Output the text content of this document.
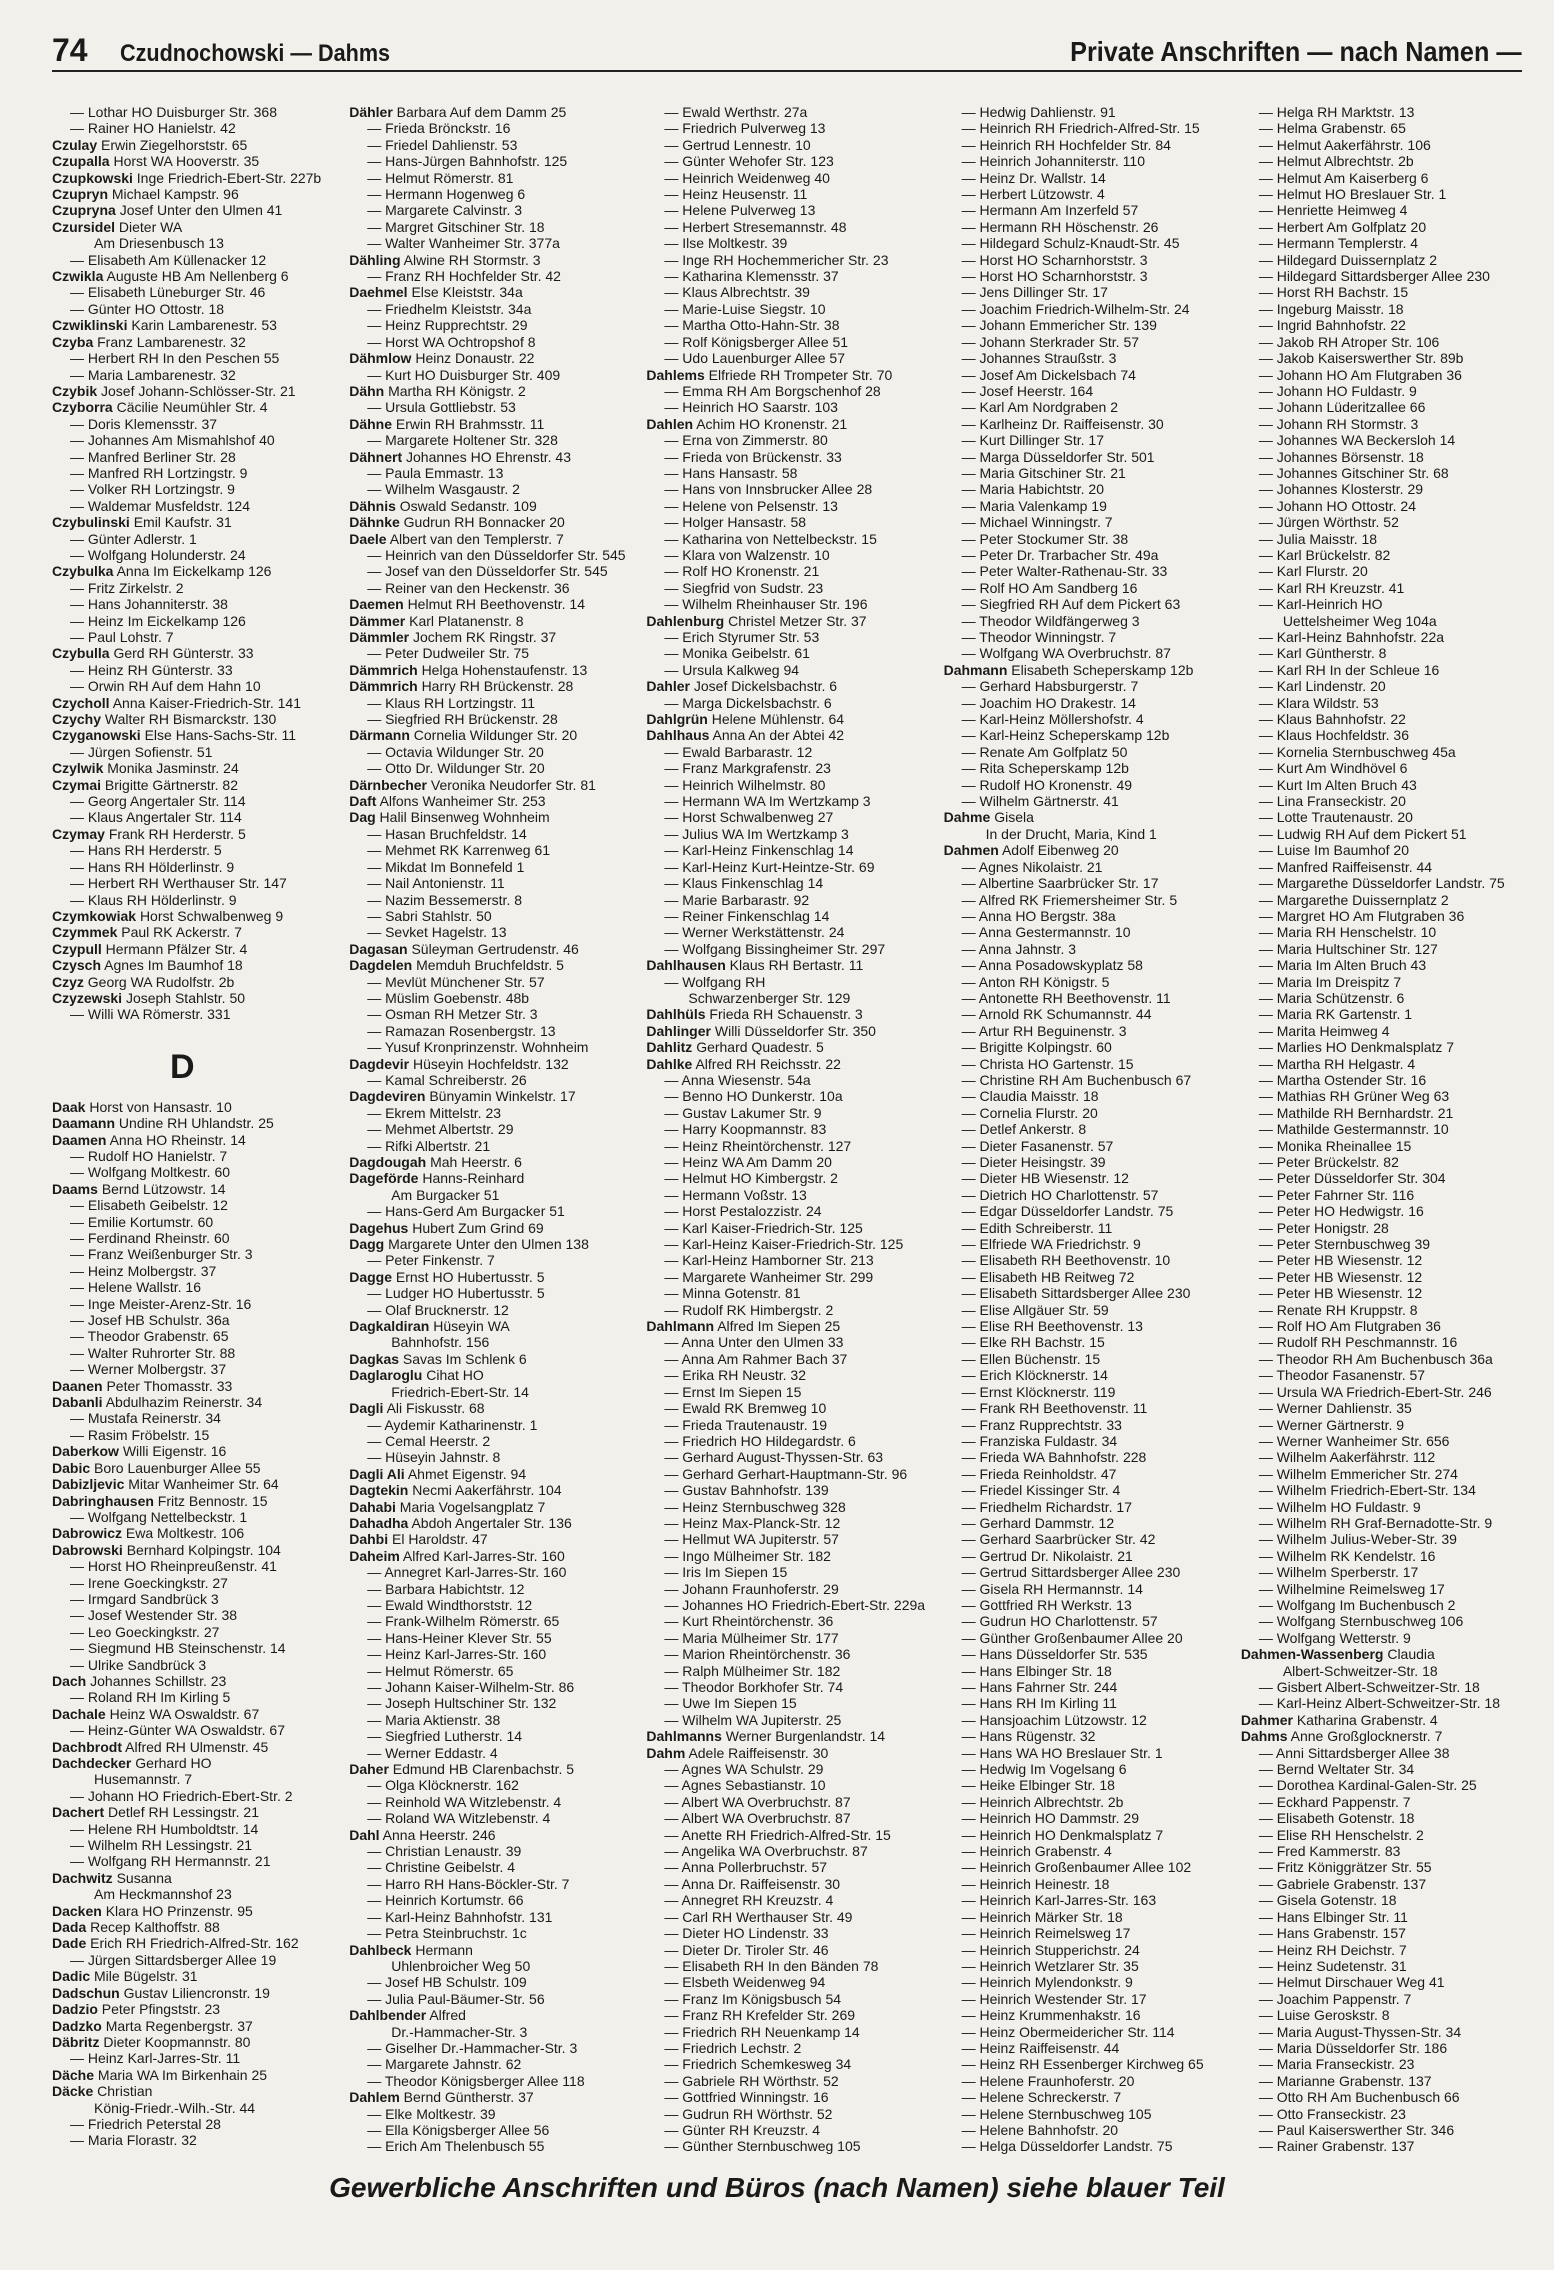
74 Czudnochowski — Dahms	Private Anschriften — nach Namen —
— Lothar HO Duisburger Str. 368
— Rainer HO Hanielstr. 42
Czulay Erwin Ziegelhorststr. 65
Czupalla Horst WA Hooverstr. 35
Czupkowski Inge Friedrich-Ebert-Str. 227b
Czupryn Michael Kampstr. 96
Czupryna Josef Unter den Ulmen 41
Czursidel Dieter WA
Am Driesenbusch 13
— Elisabeth Am Küllenacker 12
Czwikla Auguste HB Am Nellenberg 6
— Elisabeth Lüneburger Str. 46
— Günter HO Ottostr. 18
Czwiklinski Karin Lambarenestr. 53
Czyba Franz Lambarenestr. 32
— Herbert RH In den Peschen 55
— Maria Lambarenestr. 32
Czybik Josef Johann-Schlösser-Str. 21
Czyborra Cäcilie Neumühler Str. 4
— Doris Klemensstr. 37
— Johannes Am Mismahlshof 40
— Manfred Berliner Str. 28
— Manfred RH Lortzingstr. 9
— Volker RH Lortzingstr. 9
— Waldemar Musfeldstr. 124
Czybulinski Emil Kaufstr. 31
— Günter Adlerstr. 1
— Wolfgang Holunderstr. 24
Czybulka Anna Im Eickelkamp 126
— Fritz Zirkelstr. 2
— Hans Johanniterstr. 38
— Heinz Im Eickelkamp 126
— Paul Lohstr. 7
Czybulla Gerd RH Günterstr. 33
— Heinz RH Günterstr. 33
— Orwin RH Auf dem Hahn 10
Czycholl Anna Kaiser-Friedrich-Str. 141
Czychy Walter RH Bismarckstr. 130
Czyganowski Else Hans-Sachs-Str. 11
— Jürgen Sofienstr. 51
Czylwik Monika Jasminstr. 24
Czymai Brigitte Gärtnerstr. 82
— Georg Angertaler Str. 114
— Klaus Angertaler Str. 114
Czymay Frank RH Herderstr. 5
— Hans RH Herderstr. 5
— Hans RH Hölderlinstr. 9
— Herbert RH Werthauser Str. 147
— Klaus RH Hölderlinstr. 9
Czymkowiak Horst Schwalbenweg 9
Czymmek Paul RK Ackerstr. 7
Czypull Hermann Pfälzer Str. 4
Czysch Agnes Im Baumhof 18
Czyz Georg WA Rudolfstr. 2b
Czyzewski Joseph Stahlstr. 50
— Willi WA Römerstr. 331
D
Daak Horst von Hansastr. 10
Daamann Undine RH Uhlandstr. 25
Daamen Anna HO Rheinstr. 14
— Rudolf HO Hanielstr. 7
— Wolfgang Moltkestr. 60
Daams Bernd Lützowstr. 14
— Elisabeth Geibelstr. 12
— Emilie Kortumstr. 60
— Ferdinand Rheinstr. 60
— Franz Weißenburger Str. 3
— Heinz Molbergstr. 37
— Helene Wallstr. 16
— Inge Meister-Arenz-Str. 16
— Josef HB Schulstr. 36a
— Theodor Grabenstr. 65
— Walter Ruhrorter Str. 88
— Werner Molbergstr. 37
Daanen Peter Thomasstr. 33
Dabanli Abdulhazim Reinerstr. 34
— Mustafa Reinerstr. 34
— Rasim Fröbelstr. 15
Daberkow Willi Eigenstr. 16
Dabic Boro Lauenburger Allee 55
Dabizljevic Mitar Wanheimer Str. 64
Dabringhausen Fritz Bennostr. 15
— Wolfgang Nettelbeckstr. 1
Dabrowicz Ewa Moltkestr. 106
Dabrowski Bernhard Kolpingstr. 104
— Horst HO Rheinpreußenstr. 41
— Irene Goeckingkstr. 27
— Irmgard Sandbrück 3
— Josef Westender Str. 38
— Leo Goeckingkstr. 27
— Siegmund HB Steinschenstr. 14
— Ulrike Sandbrück 3
Dach Johannes Schillstr. 23
— Roland RH Im Kirling 5
Dachale Heinz WA Oswaldstr. 67
— Heinz-Günter WA Oswaldstr. 67
Dachbrodt Alfred RH Ulmenstr. 45
Dachdecker Gerhard HO
Husemannstr. 7
— Johann HO Friedrich-Ebert-Str. 2
Dachert Detlef RH Lessingstr. 21
— Helene RH Humboldtstr. 14
— Wilhelm RH Lessingstr. 21
— Wolfgang RH Hermannstr. 21
Dachwitz Susanna
Am Heckmannshof 23
Dacken Klara HO Prinzenstr. 95
Dada Recep Kalthoffstr. 88
Dade Erich RH Friedrich-Alfred-Str. 162
— Jürgen Sittardsberger Allee 19
Dadic Mile Bügelstr. 31
Dadschun Gustav Liliencronstr. 19
Dadzio Peter Pfingststr. 23
Dadzko Marta Regenbergstr. 37
Däbritz Dieter Koopmannstr. 80
— Heinz Karl-Jarres-Str. 11
Däche Maria WA Im Birkenhain 25
Däcke Christian
König-Friedr.-Wilh.-Str. 44
— Friedrich Peterstal 28
— Maria Florastr. 32
Dähler Barbara Auf dem Damm 25
— Frieda Brönckstr. 16
— Friedel Dahlienstr. 53
— Hans-Jürgen Bahnhofstr. 125
— Helmut Römerstr. 81
— Hermann Hogenweg 6
— Margarete Calvinstr. 3
— Margret Gitschiner Str. 18
— Walter Wanheimer Str. 377a
Dähling Alwine RH Stormstr. 3
— Franz RH Hochfelder Str. 42
Daehmel Else Kleiststr. 34a
— Friedhelm Kleiststr. 34a
— Heinz Rupprechtstr. 29
— Horst WA Ochtropshof 8
Dähmlow Heinz Donaustr. 22
— Kurt HO Duisburger Str. 409
Dähn Martha RH Königstr. 2
— Ursula Gottliebstr. 53
Dähne Erwin RH Brahmsstr. 11
— Margarete Holtener Str. 328
Dähnert Johannes HO Ehrenstr. 43
— Paula Emmastr. 13
— Wilhelm Wasgaustr. 2
Dähnis Oswald Sedanstr. 109
Dähnke Gudrun RH Bonnacker 20
Daele Albert van den Templerstr. 7
— Heinrich van den Düsseldorfer Str. 545
— Josef van den Düsseldorfer Str. 545
— Reiner van den Heckenstr. 36
Daemen Helmut RH Beethovenstr. 14
Dämmer Karl Platanenstr. 8
Dämmler Jochem RK Ringstr. 37
— Peter Dudweiler Str. 75
Dämmrich Helga Hohenstaufenstr. 13
Dämmrich Harry RH Brückenstr. 28
— Klaus RH Lortzingstr. 11
— Siegfried RH Brückenstr. 28
Därmann Cornelia Wildunger Str. 20
— Octavia Wildunger Str. 20
— Otto Dr. Wildunger Str. 20
Därnbecher Veronika Neudorfer Str. 81
Daft Alfons Wanheimer Str. 253
Dag Halil Binsenweg Wohnheim
— Hasan Bruchfeldstr. 14
— Mehmet RK Karrenweg 61
— Mikdat Im Bonnefeld 1
— Nail Antonienstr. 11
— Nazim Bessemerstr. 8
— Sabri Stahlstr. 50
— Sevket Hagelstr. 13
Dagasan Süleyman Gertrudenstr. 46
Dagdelen Memduh Bruchfeldstr. 5
— Mevlüt Münchener Str. 57
— Müslim Goebenstr. 48b
— Osman RH Metzer Str. 3
— Ramazan Rosenbergstr. 13
— Yusuf Kronprinzenstr. Wohnheim
Dagdevir Hüseyin Hochfeldstr. 132
— Kamal Schreiberstr. 26
Dagdeviren Bünyamin Winkelstr. 17
— Ekrem Mittelstr. 23
— Mehmet Albertstr. 29
— Rifki Albertstr. 21
Dagdougah Mah Heerstr. 6
Dageförde Hanns-Reinhard
Am Burgacker 51
— Hans-Gerd Am Burgacker 51
Dagehus Hubert Zum Grind 69
Dagg Margarete Unter den Ulmen 138
— Peter Finkenstr. 7
Dagge Ernst HO Hubertusstr. 5
— Ludger HO Hubertusstr. 5
— Olaf Brucknerstr. 12
Dagkaldiran Hüseyin WA
Bahnhofstr. 156
Dagkas Savas Im Schlenk 6
Daglaroglu Cihat HO
Friedrich-Ebert-Str. 14
Dagli Ali Fiskusstr. 68
— Aydemir Katharinenstr. 1
— Cemal Heerstr. 2
— Hüseyin Jahnstr. 8
Dagli Ali Ahmet Eigenstr. 94
Dagtekin Necmi Aakerfährstr. 104
Dahabi Maria Vogelsangplatz 7
Dahadha Abdoh Angertaler Str. 136
Dahbi El Haroldstr. 47
Daheim Alfred Karl-Jarres-Str. 160
— Annegret Karl-Jarres-Str. 160
— Barbara Habichtstr. 12
— Ewald Windthorststr. 12
— Frank-Wilhelm Römerstr. 65
— Hans-Heiner Klever Str. 55
— Heinz Karl-Jarres-Str. 160
— Helmut Römerstr. 65
— Johann Kaiser-Wilhelm-Str. 86
— Joseph Hultschiner Str. 132
— Maria Aktienstr. 38
— Siegfried Lutherstr. 14
— Werner Eddastr. 4
Daher Edmund HB Clarenbachstr. 5
— Olga Klöcknerstr. 162
— Reinhold WA Witzlebenstr. 4
— Roland WA Witzlebenstr. 4
Dahl Anna Heerstr. 246
— Christian Lenaustr. 39
— Christine Geibelstr. 4
— Harro RH Hans-Böckler-Str. 7
— Heinrich Kortumstr. 66
— Karl-Heinz Bahnhofstr. 131
— Petra Steinbruchstr. 1c
Dahlbeck Hermann
Uhlenbroicher Weg 50
— Josef HB Schulstr. 109
— Julia Paul-Bäumer-Str. 56
Dahlbender Alfred
Dr.-Hammacher-Str. 3
— Giselher Dr.-Hammacher-Str. 3
— Margarete Jahnstr. 62
— Theodor Königsberger Allee 118
Dahlem Bernd Güntherstr. 37
— Elke Moltkestr. 39
— Ella Königsberger Allee 56
— Erich Am Thelenbusch 55
— Ewald Werthstr. 27a
— Friedrich Pulverweg 13
— Gertrud Lennestr. 10
— Günter Wehofer Str. 123
— Heinrich Weidenweg 40
— Heinz Heusenstr. 11
— Helene Pulverweg 13
— Herbert Stresemannstr. 48
— Ilse Moltkestr. 39
— Inge RH Hochemmericher Str. 23
— Katharina Klemensstr. 37
— Klaus Albrechtstr. 39
— Marie-Luise Siegstr. 10
— Martha Otto-Hahn-Str. 38
— Rolf Königsberger Allee 51
— Udo Lauenburger Allee 57
Dahlems Elfriede RH Trompeter Str. 70
— Emma RH Am Borgschenhof 28
— Heinrich HO Saarstr. 103
Dahlen Achim HO Kronenstr. 21
— Erna von Zimmerstr. 80
— Frieda von Brückenstr. 33
— Hans Hansastr. 58
— Hans von Innsbrucker Allee 28
— Helene von Pelsenstr. 13
— Holger Hansastr. 58
— Katharina von Nettelbeckstr. 15
— Klara von Walzenstr. 10
— Rolf HO Kronenstr. 21
— Siegfrid von Sudstr. 23
— Wilhelm Rheinhauser Str. 196
Dahlenburg Christel Metzer Str. 37
— Erich Styrumer Str. 53
— Monika Geibelstr. 61
— Ursula Kalkweg 94
Dahler Josef Dickelsbachstr. 6
— Marga Dickelsbachstr. 6
Dahlgrün Helene Mühlenstr. 64
Dahlhaus Anna An der Abtei 42
— Ewald Barbarastr. 12
— Franz Markgrafenstr. 23
— Heinrich Wilhelmstr. 80
— Hermann WA Im Wertzkamp 3
— Horst Schwalbenweg 27
— Julius WA Im Wertzkamp 3
— Karl-Heinz Finkenschlag 14
— Karl-Heinz Kurt-Heintze-Str. 69
— Klaus Finkenschlag 14
— Marie Barbarastr. 92
— Reiner Finkenschlag 14
— Werner Werkstättenstr. 24
— Wolfgang Bissingheimer Str. 297
Dahlhausen Klaus RH Bertastr. 11
— Wolfgang RH
Schwarzenberger Str. 129
Dahlhüls Frieda RH Schauenstr. 3
Dahlinger Willi Düsseldorfer Str. 350
Dahlitz Gerhard Quadestr. 5
Dahlke Alfred RH Reichsstr. 22
— Anna Wiesenstr. 54a
— Benno HO Dunkerstr. 10a
— Gustav Lakumer Str. 9
— Harry Koopmannstr. 83
— Heinz Rheintörchenstr. 127
— Heinz WA Am Damm 20
— Helmut HO Kimbergstr. 2
— Hermann Voßstr. 13
— Horst Pestalozzistr. 24
— Karl Kaiser-Friedrich-Str. 125
— Karl-Heinz Kaiser-Friedrich-Str. 125
— Karl-Heinz Hamborner Str. 213
— Margarete Wanheimer Str. 299
— Minna Gotenstr. 81
— Rudolf RK Himbergstr. 2
Dahlmann Alfred Im Siepen 25
— Anna Unter den Ulmen 33
— Anna Am Rahmer Bach 37
— Erika RH Neustr. 32
— Ernst Im Siepen 15
— Ewald RK Bremweg 10
— Frieda Trautenaustr. 19
— Friedrich HO Hildegardstr. 6
— Gerhard August-Thyssen-Str. 63
— Gerhard Gerhart-Hauptmann-Str. 96
— Gustav Bahnhofstr. 139
— Heinz Sternbuschweg 328
— Heinz Max-Planck-Str. 12
— Hellmut WA Jupiterstr. 57
— Ingo Mülheimer Str. 182
— Iris Im Siepen 15
— Johann Fraunhoferstr. 29
— Johannes HO Friedrich-Ebert-Str. 229a
— Kurt Rheintörchenstr. 36
— Maria Mülheimer Str. 177
— Marion Rheintörchenstr. 36
— Ralph Mülheimer Str. 182
— Theodor Borkhofer Str. 74
— Uwe Im Siepen 15
— Wilhelm WA Jupiterstr. 25
Dahlmanns Werner Burgenlandstr. 14
Dahm Adele Raiffeisenstr. 30
— Agnes WA Schulstr. 29
— Agnes Sebastianstr. 10
— Albert WA Overbruchstr. 87
— Albert WA Overbruchstr. 87
— Anette RH Friedrich-Alfred-Str. 15
— Angelika WA Overbruchstr. 87
— Anna Pollerbruchstr. 57
— Anna Dr. Raiffeisenstr. 30
— Annegret RH Kreuzstr. 4
— Carl RH Werthauser Str. 49
— Dieter HO Lindenstr. 33
— Dieter Dr. Tiroler Str. 46
— Elisabeth RH In den Bänden 78
— Elsbeth Weidenweg 94
— Franz Im Königsbusch 54
— Franz RH Krefelder Str. 269
— Friedrich RH Neuenkamp 14
— Friedrich Lechstr. 2
— Friedrich Schemkesweg 34
— Gabriele RH Wörthstr. 52
— Gottfried Winningstr. 16
— Gudrun RH Wörthstr. 52
— Günter RH Kreuzstr. 4
— Günther Sternbuschweg 105
— Hedwig Dahlienstr. 91
— Heinrich RH Friedrich-Alfred-Str. 15
— Heinrich RH Hochfelder Str. 84
— Heinrich Johanniterstr. 110
— Heinz Dr. Wallstr. 14
— Herbert Lützowstr. 4
— Hermann Am Inzerfeld 57
— Hermann RH Höschenstr. 26
— Hildegard Schulz-Knaudt-Str. 45
— Horst HO Scharnhorststr. 3
— Horst HO Scharnhorststr. 3
— Jens Dillinger Str. 17
— Joachim Friedrich-Wilhelm-Str. 24
— Johann Emmericher Str. 139
— Johann Sterkrader Str. 57
— Johannes Straußstr. 3
— Josef Am Dickelsbach 74
— Josef Heerstr. 164
— Karl Am Nordgraben 2
— Karlheinz Dr. Raiffeisenstr. 30
— Kurt Dillinger Str. 17
— Marga Düsseldorfer Str. 501
— Maria Gitschiner Str. 21
— Maria Habichtstr. 20
— Maria Valenkamp 19
— Michael Winningstr. 7
— Peter Stockumer Str. 38
— Peter Dr. Trarbacher Str. 49a
— Peter Walter-Rathenau-Str. 33
— Rolf HO Am Sandberg 16
— Siegfried RH Auf dem Pickert 63
— Theodor Wildfängerweg 3
— Theodor Winningstr. 7
— Wolfgang WA Overbruchstr. 87
Dahmann Elisabeth Scheperskamp 12b
— Gerhard Habsburgerstr. 7
— Joachim HO Drakestr. 14
— Karl-Heinz Möllershofstr. 4
— Karl-Heinz Scheperskamp 12b
— Renate Am Golfplatz 50
— Rita Scheperskamp 12b
— Rudolf HO Kronenstr. 49
— Wilhelm Gärtnerstr. 41
Dahme Gisela
In der Drucht, Maria, Kind 1
Dahmen Adolf Eibenweg 20
— Agnes Nikolaistr. 21
— Albertine Saarbrücker Str. 17
— Alfred RK Friemersheimer Str. 5
— Anna HO Bergstr. 38a
— Anna Gestermannstr. 10
— Anna Jahnstr. 3
— Anna Posadowskyplatz 58
— Anton RH Königstr. 5
— Antonette RH Beethovenstr. 11
— Arnold RK Schumannstr. 44
— Artur RH Beguinenstr. 3
— Brigitte Kolpingstr. 60
— Christa HO Gartenstr. 15
— Christine RH Am Buchenbusch 67
— Claudia Maisstr. 18
— Cornelia Flurstr. 20
— Detlef Ankerstr. 8
— Dieter Fasanenstr. 57
— Dieter Heisingstr. 39
— Dieter HB Wiesenstr. 12
— Dietrich HO Charlottenstr. 57
— Edgar Düsseldorfer Landstr. 75
— Edith Schreiberstr. 11
— Elfriede WA Friedrichstr. 9
— Elisabeth RH Beethovenstr. 10
— Elisabeth HB Reitweg 72
— Elisabeth Sittardsberger Allee 230
— Elise Allgäuer Str. 59
— Elise RH Beethovenstr. 13
— Elke RH Bachstr. 15
— Ellen Büchenstr. 15
— Erich Klöcknerstr. 14
— Ernst Klöcknerstr. 119
— Frank RH Beethovenstr. 11
— Franz Rupprechtstr. 33
— Franziska Fuldastr. 34
— Frieda WA Bahnhofstr. 228
— Frieda Reinholdstr. 47
— Friedel Kissinger Str. 4
— Friedhelm Richardstr. 17
— Gerhard Dammstr. 12
— Gerhard Saarbrücker Str. 42
— Gertrud Dr. Nikolaistr. 21
— Gertrud Sittardsberger Allee 230
— Gisela RH Hermannstr. 14
— Gottfried RH Werkstr. 13
— Gudrun HO Charlottenstr. 57
— Günther Großenbaumer Allee 20
— Hans Düsseldorfer Str. 535
— Hans Elbinger Str. 18
— Hans Fahrner Str. 244
— Hans RH Im Kirling 11
— Hansjoachim Lützowstr. 12
— Hans Rügenstr. 32
— Hans WA HO Breslauer Str. 1
— Hedwig Im Vogelsang 6
— Heike Elbinger Str. 18
— Heinrich Albrechtstr. 2b
— Heinrich HO Dammstr. 29
— Heinrich HO Denkmalsplatz 7
— Heinrich Grabenstr. 4
— Heinrich Großenbaumer Allee 102
— Heinrich Heinestr. 18
— Heinrich Karl-Jarres-Str. 163
— Heinrich Märker Str. 18
— Heinrich Reimelsweg 17
— Heinrich Stupperichstr. 24
— Heinrich Wetzlarer Str. 35
— Heinrich Mylendonkstr. 9
— Heinrich Westender Str. 17
— Heinz Krummenhakstr. 16
— Heinz Obermeidericher Str. 114
— Heinz Raiffeisenstr. 44
— Heinz RH Essenberger Kirchweg 65
— Helene Fraunhoferstr. 20
— Helene Schreckerstr. 7
— Helene Sternbuschweg 105
— Helene Bahnhofstr. 20
— Helga Düsseldorfer Landstr. 75
— Helga RH Marktstr. 13
— Helma Grabenstr. 65
— Helmut Aakerfährstr. 106
— Helmut Albrechtstr. 2b
— Helmut Am Kaiserberg 6
— Helmut HO Breslauer Str. 1
— Henriette Heimweg 4
— Herbert Am Golfplatz 20
— Hermann Templerstr. 4
— Hildegard Duissernplatz 2
— Hildegard Sittardsberger Allee 230
— Horst RH Bachstr. 15
— Ingeburg Maisstr. 18
— Ingrid Bahnhofstr. 22
— Jakob RH Atroper Str. 106
— Jakob Kaiserswerther Str. 89b
— Johann HO Am Flutgraben 36
— Johann HO Fuldastr. 9
— Johann Lüderitzallee 66
— Johann RH Stormstr. 3
— Johannes WA Beckersloh 14
— Johannes Börsenstr. 18
— Johannes Gitschiner Str. 68
— Johannes Klosterstr. 29
— Johann HO Ottostr. 24
— Jürgen Wörthstr. 52
— Julia Maisstr. 18
— Karl Brückelstr. 82
— Karl Flurstr. 20
— Karl RH Kreuzstr. 41
— Karl-Heinrich HO
Uettelsheimer Weg 104a
— Karl-Heinz Bahnhofstr. 22a
— Karl Güntherstr. 8
— Karl RH In der Schleue 16
— Karl Lindenstr. 20
— Klara Wildstr. 53
— Klaus Bahnhofstr. 22
— Klaus Hochfeldstr. 36
— Kornelia Sternbuschweg 45a
— Kurt Am Windhövel 6
— Kurt Im Alten Bruch 43
— Lina Franseckistr. 20
— Lotte Trautenaustr. 20
— Ludwig RH Auf dem Pickert 51
— Luise Im Baumhof 20
— Manfred Raiffeisenstr. 44
— Margarethe Düsseldorfer Landstr. 75
— Margarethe Duissernplatz 2
— Margret HO Am Flutgraben 36
— Maria RH Henschelstr. 10
— Maria Hultschiner Str. 127
— Maria Im Alten Bruch 43
— Maria Im Dreispitz 7
— Maria Schützenstr. 6
— Maria RK Gartenstr. 1
— Marita Heimweg 4
— Marlies HO Denkmalsplatz 7
— Martha RH Helgastr. 4
— Martha Ostender Str. 16
— Mathias RH Grüner Weg 63
— Mathilde RH Bernhardstr. 21
— Mathilde Gestermannstr. 10
— Monika Rheinallee 15
— Peter Brückelstr. 82
— Peter Düsseldorfer Str. 304
— Peter Fahrner Str. 116
— Peter HO Hedwigstr. 16
— Peter Honigstr. 28
— Peter Sternbuschweg 39
— Peter HB Wiesenstr. 12
— Peter HB Wiesenstr. 12
— Peter HB Wiesenstr. 12
— Renate RH Kruppstr. 8
— Rolf HO Am Flutgraben 36
— Rudolf RH Peschmannstr. 16
— Theodor RH Am Buchenbusch 36a
— Theodor Fasanenstr. 57
— Ursula WA Friedrich-Ebert-Str. 246
— Werner Dahlienstr. 35
— Werner Gärtnerstr. 9
— Werner Wanheimer Str. 656
— Wilhelm Aakerfährstr. 112
— Wilhelm Emmericher Str. 274
— Wilhelm Friedrich-Ebert-Str. 134
— Wilhelm HO Fuldastr. 9
— Wilhelm RH Graf-Bernadotte-Str. 9
— Wilhelm Julius-Weber-Str. 39
— Wilhelm RK Kendelstr. 16
— Wilhelm Sperberstr. 17
— Wilhelmine Reimelsweg 17
— Wolfgang Im Buchenbusch 2
— Wolfgang Sternbuschweg 106
— Wolfgang Wetterstr. 9
Dahmen-Wassenberg Claudia
Albert-Schweitzer-Str. 18
— Gisbert Albert-Schweitzer-Str. 18
— Karl-Heinz Albert-Schweitzer-Str. 18
Dahmer Katharina Grabenstr. 4
Dahms Anne Großglocknerstr. 7
— Anni Sittardsberger Allee 38
— Bernd Weltater Str. 34
— Dorothea Kardinal-Galen-Str. 25
— Eckhard Pappenstr. 7
— Elisabeth Gotenstr. 18
— Elise RH Henschelstr. 2
— Fred Kammerstr. 83
— Fritz Königgrätzer Str. 55
— Gabriele Grabenstr. 137
— Gisela Gotenstr. 18
— Hans Elbinger Str. 11
— Hans Grabenstr. 157
— Heinz RH Deichstr. 7
— Heinz Sudetenstr. 31
— Helmut Dirschauer Weg 41
— Joachim Pappenstr. 7
— Luise Geroskstr. 8
— Maria August-Thyssen-Str. 34
— Maria Düsseldorfer Str. 186
— Maria Franseckistr. 23
— Marianne Grabenstr. 137
— Otto RH Am Buchenbusch 66
— Otto Franseckistr. 23
— Paul Kaiserswerther Str. 346
— Rainer Grabenstr. 137
Gewerbliche Anschriften und Büros (nach Namen) siehe blauer Teil
